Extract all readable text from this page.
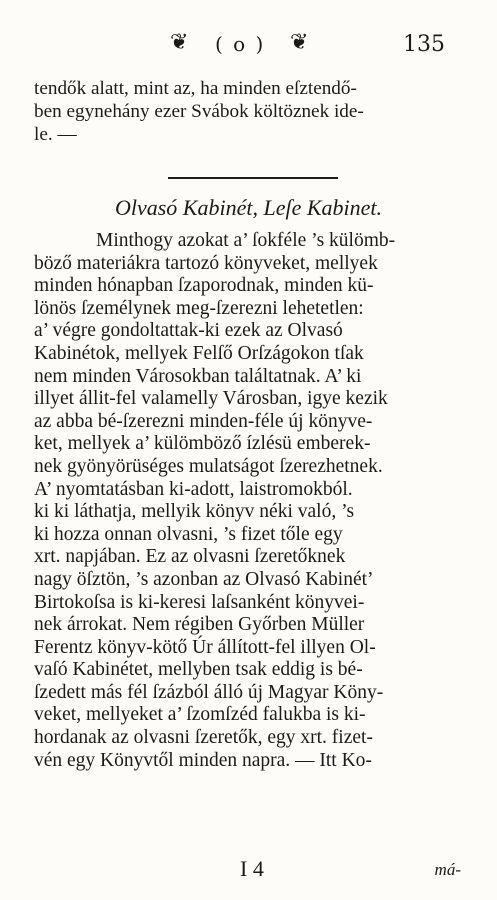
❦ ( o ) ❦	135
tendők alatt, mint az, ha minden eſztendő-
ben egynehány ezer Svábok költöznek ide-
le. —
Olvasó Kabinét, Leſe Kabinet.
Minthogy azokat a’ ſokféle ’s külömb-
böző materiákra tartozó könyveket, mellyek
minden hónapban ſzaporodnak, minden kü-
lönös ſzemélynek meg-ſzerezni lehetetlen:
a’ végre gondoltattak-ki ezek az Olvasó
Kabinétok, mellyek Felſő Orſzágokon tſak
nem minden Városokban találtatnak. A’ ki
illyet állit-fel valamelly Városban, igye kezik
az abba bé-ſzerezni minden-féle új könyve-
ket, mellyek a’ külömböző ízlésü emberek-
nek gyönyörüséges mulatságot ſzerezhetnek.
A’ nyomtatásban ki-adott, laistromokból.
ki ki láthatja, mellyik könyv néki való, ’s
ki hozza onnan olvasni, ’s fizet tőle egy
xrt. napjában. Ez az olvasni ſzeretőknek
nagy öſztön, ’s azonban az Olvasó Kabinét’
Birtokoſsa is ki-keresi laſsanként könyvei-
nek árrokat. Nem régiben Győrben Müller
Ferentz könyv-kötő Úr állított-fel illyen Ol-
vaſó Kabinétet, mellyben tsak eddig is bé-
ſzedett más fél ſzázból álló új Magyar Köny-
veket, mellyeket a’ ſzomſzéd falukba is ki-
hordanak az olvasni ſzeretők, egy xrt. fizet-
vén egy Könyvtől minden napra. — Itt Ko-
I 4	má-
